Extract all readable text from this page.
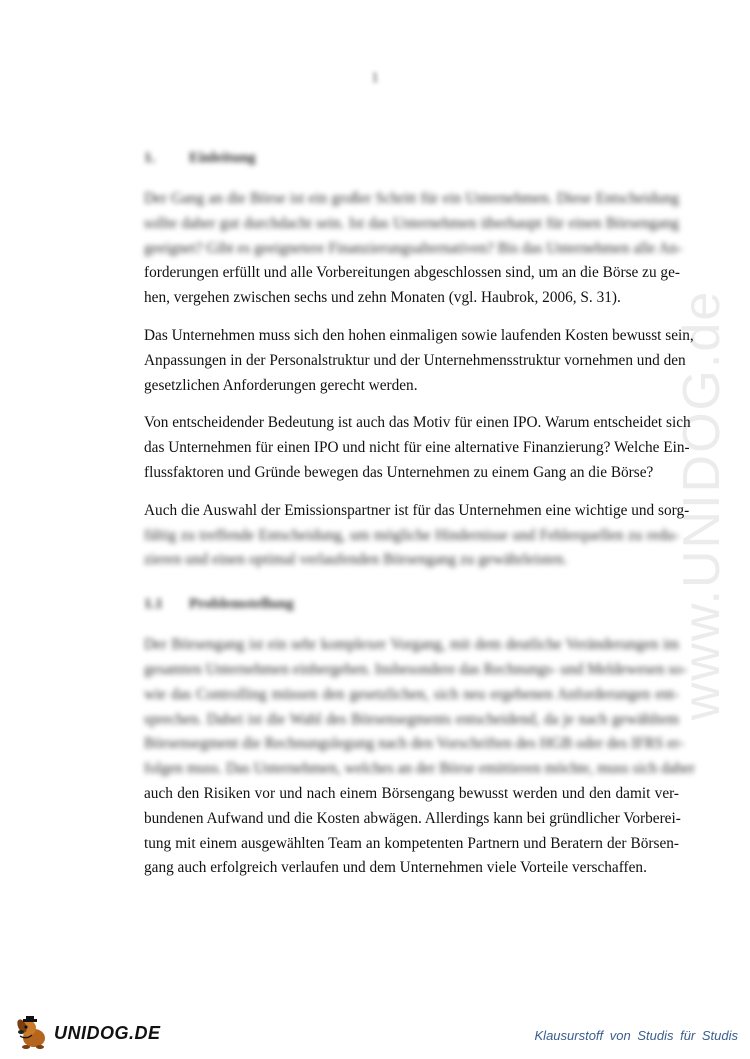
1
www.UNIDOG.de
1. Einleitung

Der Gang an die Börse ist ein großer Schritt für ein Unternehmen. Diese Entscheidung
sollte daher gut durchdacht sein. Ist das Unternehmen überhaupt für einen Börsengang
geeignet? Gibt es geeignetere Finanzierungsalternativen? Bis das Unternehmen alle An-
forderungen erfüllt und alle Vorbereitungen abgeschlossen sind, um an die Börse zu ge-
hen, vergehen zwischen sechs und zehn Monaten (vgl. Haubrok, 2006, S. 31).

Das Unternehmen muss sich den hohen einmaligen sowie laufenden Kosten bewusst sein,
Anpassungen in der Personalstruktur und der Unternehmensstruktur vornehmen und den
gesetzlichen Anforderungen gerecht werden.

Von entscheidender Bedeutung ist auch das Motiv für einen IPO. Warum entscheidet sich
das Unternehmen für einen IPO und nicht für eine alternative Finanzierung? Welche Ein-
flussfaktoren und Gründe bewegen das Unternehmen zu einem Gang an die Börse?

Auch die Auswahl der Emissionspartner ist für das Unternehmen eine wichtige und sorg-
fältig zu treffende Entscheidung, um mögliche Hindernisse und Fehlerquellen zu redu-
zieren und einen optimal verlaufenden Börsengang zu gewährleisten.

1.1 Problemstellung

Der Börsengang ist ein sehr komplexer Vorgang, mit dem deutliche Veränderungen im
gesamten Unternehmen einhergehen. Insbesondere das Rechnungs- und Meldewesen so-
wie das Controlling müssen den gesetzlichen, sich neu ergebenen Anforderungen ent-
sprechen. Dabei ist die Wahl des Börsensegments entscheidend, da je nach gewähltem
Börsensegment die Rechnungslegung nach den Vorschriften des HGB oder des IFRS er-
folgen muss. Das Unternehmen, welches an der Börse emittieren möchte, muss sich daher
auch den Risiken vor und nach einem Börsengang bewusst werden und den damit ver-
bundenen Aufwand und die Kosten abwägen. Allerdings kann bei gründlicher Vorberei-
tung mit einem ausgewählten Team an kompetenten Partnern und Beratern der Börsen-
gang auch erfolgreich verlaufen und dem Unternehmen viele Vorteile verschaffen.

UNIDOG.DE	Klausurstoff von Studis für Studis
